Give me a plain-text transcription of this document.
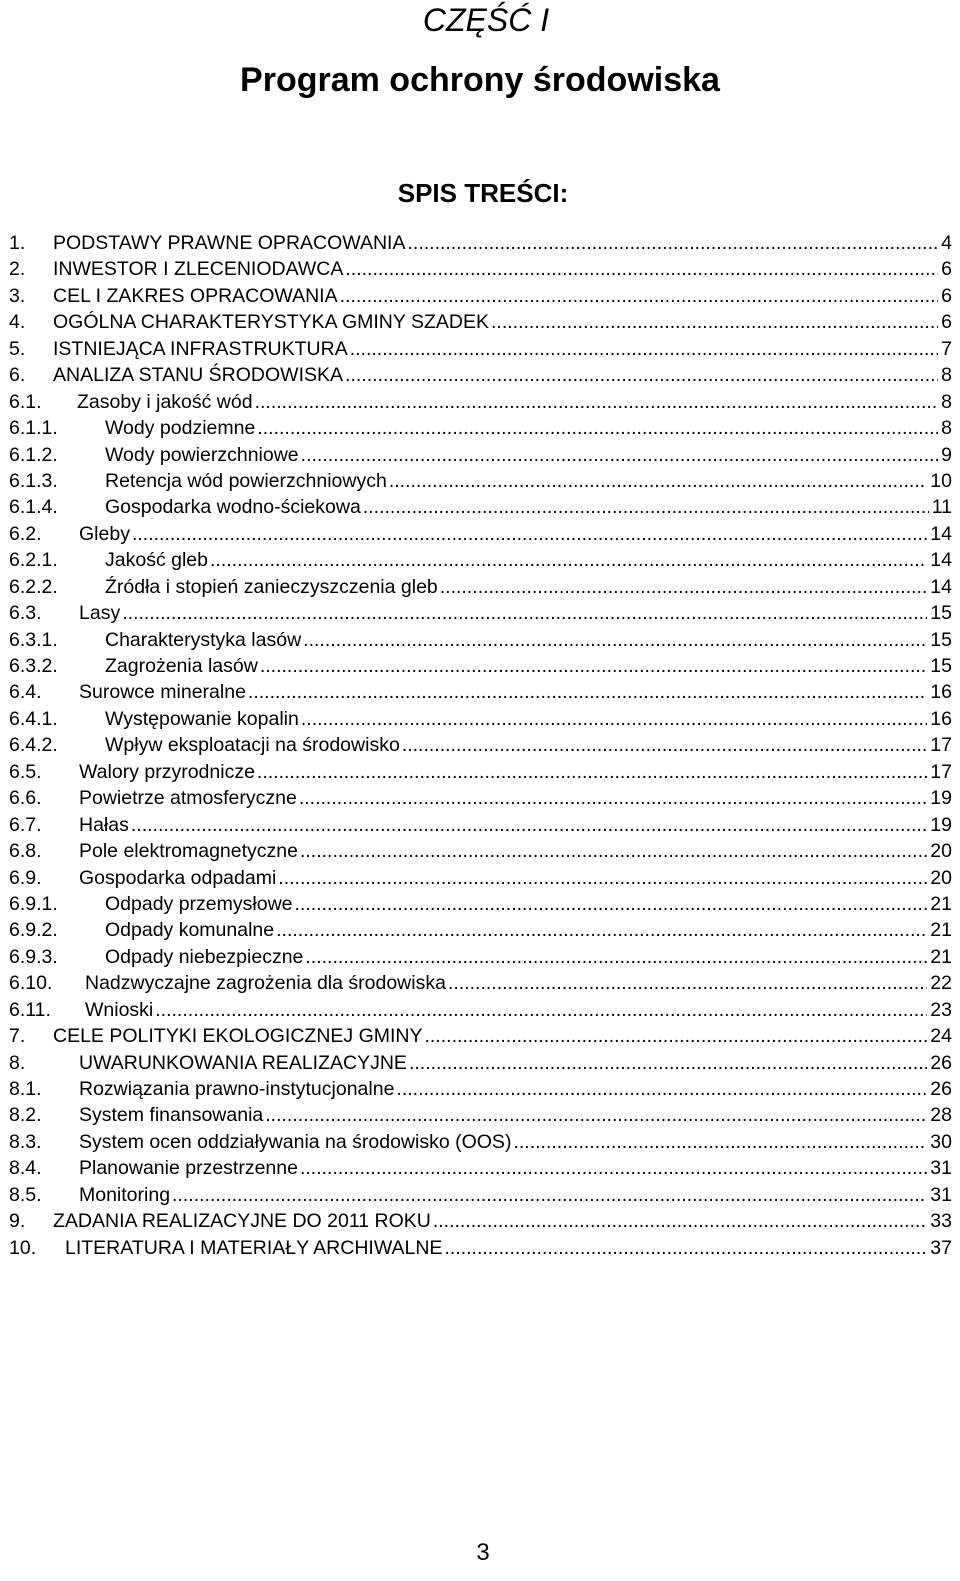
CZĘŚĆ I
Program ochrony środowiska
SPIS TREŚCI:
1.	PODSTAWY PRAWNE OPRACOWANIA .....	4
2.	INWESTOR I ZLECENIODAWCA .....	6
3.	CEL I ZAKRES OPRACOWANIA .....	6
4.	OGÓLNA CHARAKTERYSTYKA GMINY SZADEK .....	6
5.	ISTNIEJĄCA INFRASTRUKTURA .....	7
6.	ANALIZA STANU ŚRODOWISKA .....	8
6.1.	Zasoby i jakość wód .....	8
6.1.1.	Wody podziemne .....	8
6.1.2.	Wody powierzchniowe .....	9
6.1.3.	Retencja wód powierzchniowych .....	10
6.1.4.	Gospodarka wodno-ściekowa .....	11
6.2.	Gleby .....	14
6.2.1.	Jakość gleb .....	14
6.2.2.	Źródła i stopień zanieczyszczenia gleb .....	14
6.3.	Lasy .....	15
6.3.1.	Charakterystyka lasów .....	15
6.3.2.	Zagrożenia lasów .....	15
6.4.	Surowce mineralne .....	16
6.4.1.	Występowanie kopalin .....	16
6.4.2.	Wpływ eksploatacji na środowisko .....	17
6.5.	Walory przyrodnicze .....	17
6.6.	Powietrze atmosferyczne .....	19
6.7.	Hałas .....	19
6.8.	Pole elektromagnetyczne .....	20
6.9.	Gospodarka odpadami .....	20
6.9.1.	Odpady przemysłowe .....	21
6.9.2.	Odpady komunalne .....	21
6.9.3.	Odpady niebezpieczne .....	21
6.10.	Nadzwyczajne zagrożenia dla środowiska .....	22
6.11.	Wnioski .....	23
7.	CELE POLITYKI EKOLOGICZNEJ GMINY .....	24
8.	UWARUNKOWANIA REALIZACYJNE .....	26
8.1.	Rozwiązania prawno-instytucjonalne .....	26
8.2.	System finansowania .....	28
8.3.	System ocen oddziaływania na środowisko (OOS) .....	30
8.4.	Planowanie przestrzenne .....	31
8.5.	Monitoring .....	31
9.	ZADANIA REALIZACYJNE DO 2011 ROKU .....	33
10.	LITERATURA I MATERIAŁY ARCHIWALNE .....	37
3
